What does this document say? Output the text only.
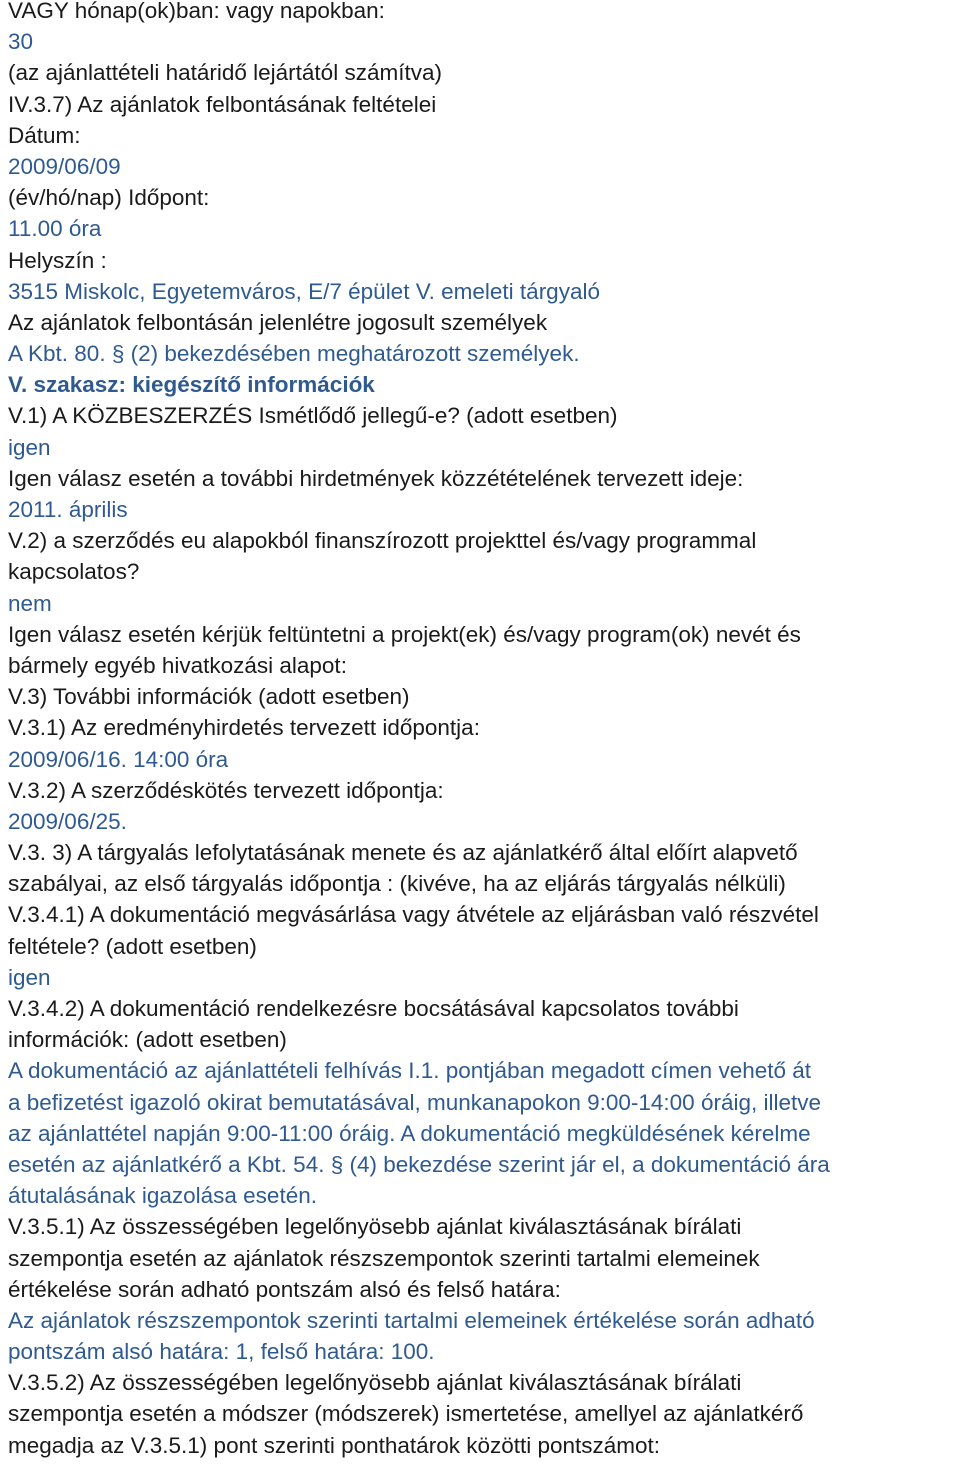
VAGY hónap(ok)ban: vagy napokban:
30
(az ajánlattételi határidő lejártától számítva)
IV.3.7) Az ajánlatok felbontásának feltételei
Dátum:
2009/06/09
(év/hó/nap) Időpont:
11.00 óra
Helyszín :
3515 Miskolc, Egyetemváros, E/7 épület V. emeleti tárgyaló
Az ajánlatok felbontásán jelenlétre jogosult személyek
A Kbt. 80. § (2) bekezdésében meghatározott személyek.
V. szakasz: kiegészítő információk
V.1) A KÖZBESZERZÉS Ismétlődő jellegű-e? (adott esetben)
igen
Igen válasz esetén a további hirdetmények közzétételének tervezett ideje:
2011. április
V.2) a szerződés eu alapokból finanszírozott projekttel és/vagy programmal
kapcsolatos?
nem
Igen válasz esetén kérjük feltüntetni a projekt(ek) és/vagy program(ok) nevét és
bármely egyéb hivatkozási alapot:
V.3) További információk (adott esetben)
V.3.1) Az eredményhirdetés tervezett időpontja:
2009/06/16. 14:00 óra
V.3.2) A szerződéskötés tervezett időpontja:
2009/06/25.
V.3. 3) A tárgyalás lefolytatásának menete és az ajánlatkérő által előírt alapvető
szabályai, az első tárgyalás időpontja : (kivéve, ha az eljárás tárgyalás nélküli)
V.3.4.1) A dokumentáció megvásárlása vagy átvétele az eljárásban való részvétel
feltétele? (adott esetben)
igen
V.3.4.2) A dokumentáció rendelkezésre bocsátásával kapcsolatos további
információk: (adott esetben)
A dokumentáció az ajánlattételi felhívás I.1. pontjában megadott címen vehető át
a befizetést igazoló okirat bemutatásával, munkanapokon 9:00-14:00 óráig, illetve
az ajánlattétel napján 9:00-11:00 óráig. A dokumentáció megküldésének kérelme
esetén az ajánlatkérő a Kbt. 54. § (4) bekezdése szerint jár el, a dokumentáció ára
átutalásának igazolása esetén.
V.3.5.1) Az összességében legelőnyösebb ajánlat kiválasztásának bírálati
szempontja esetén az ajánlatok részszempontok szerinti tartalmi elemeinek
értékelése során adható pontszám alsó és felső határa:
Az ajánlatok részszempontok szerinti tartalmi elemeinek értékelése során adható
pontszám alsó határa: 1, felső határa: 100.
V.3.5.2) Az összességében legelőnyösebb ajánlat kiválasztásának bírálati
szempontja esetén a módszer (módszerek) ismertetése, amellyel az ajánlatkérő
megadja az V.3.5.1) pont szerinti ponthatárok közötti pontszámot:
